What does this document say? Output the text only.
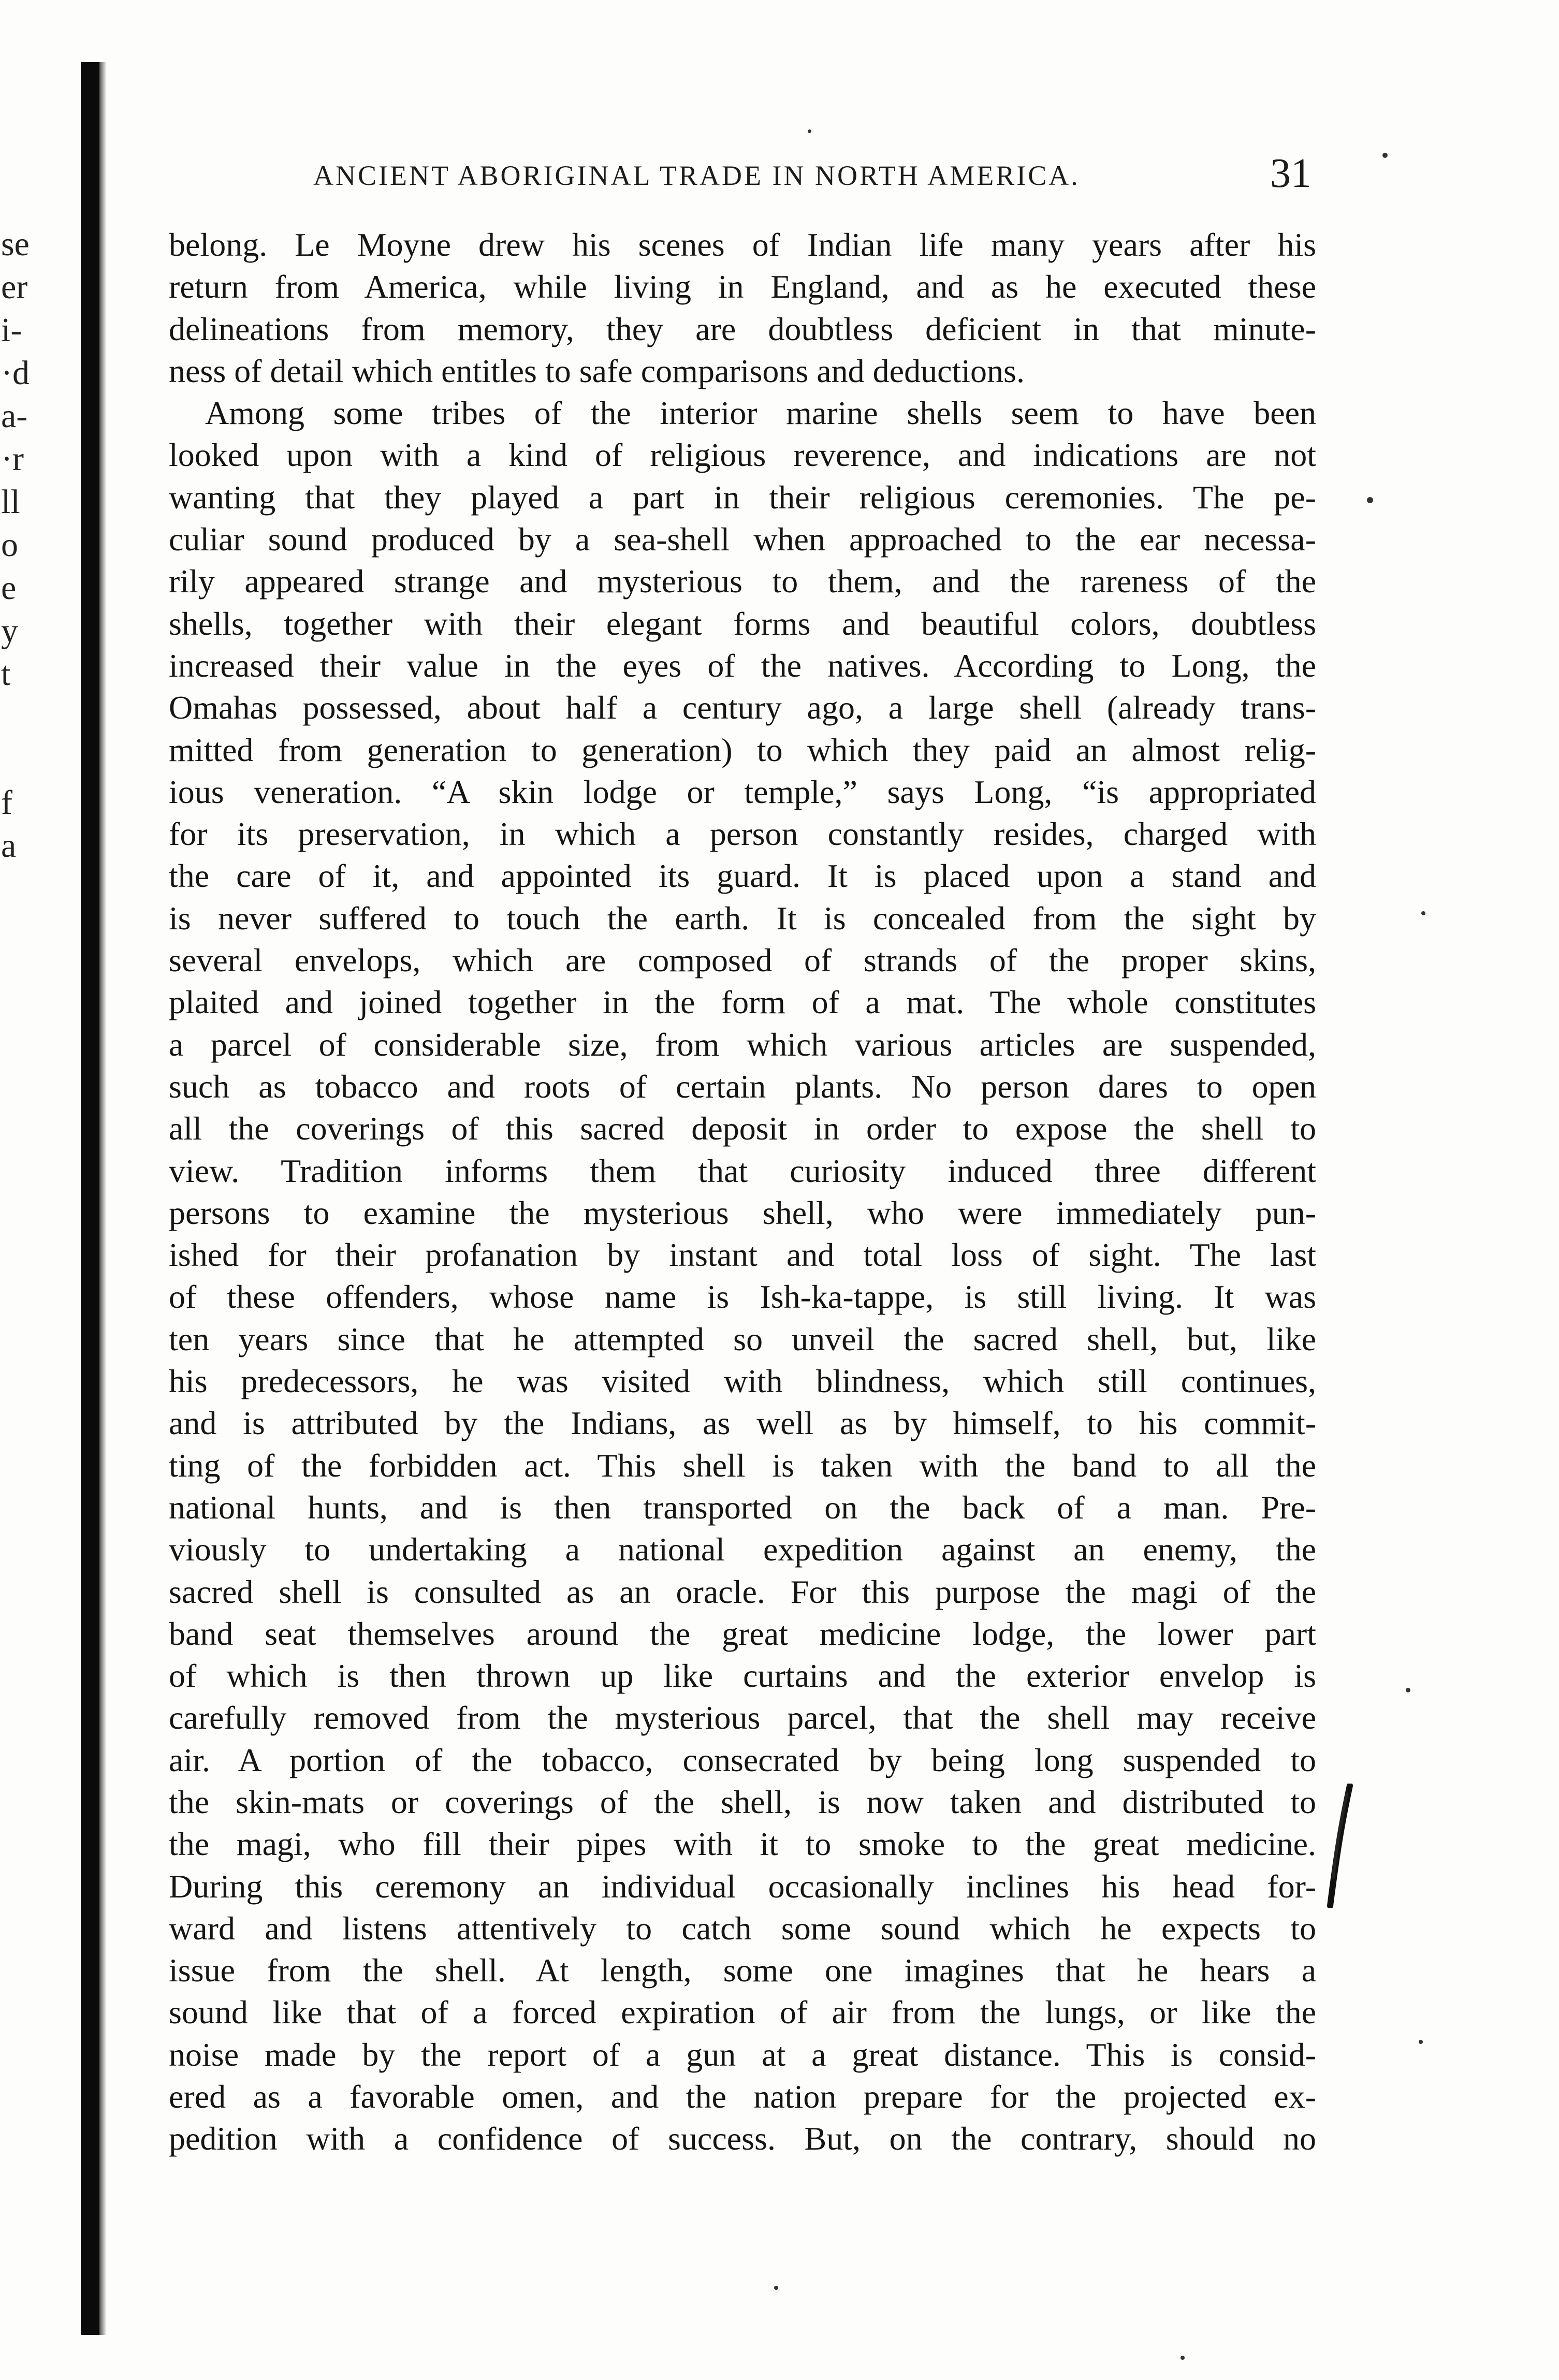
se
er
i-
·d
a-
·r
ll
o
e
y
t
f
a
ANCIENT ABORIGINAL TRADE IN NORTH AMERICA.	31
belong. Le Moyne drew his scenes of Indian life many years after his
return from America, while living in England, and as he executed these
delineations from memory, they are doubtless deficient in that minute-
ness of detail which entitles to safe comparisons and deductions.
Among some tribes of the interior marine shells seem to have been
looked upon with a kind of religious reverence, and indications are not
wanting that they played a part in their religious ceremonies. The pe-
culiar sound produced by a sea-shell when approached to the ear necessa-
rily appeared strange and mysterious to them, and the rareness of the
shells, together with their elegant forms and beautiful colors, doubtless
increased their value in the eyes of the natives. According to Long, the
Omahas possessed, about half a century ago, a large shell (already trans-
mitted from generation to generation) to which they paid an almost relig-
ious veneration. “A skin lodge or temple,” says Long, “is appropriated
for its preservation, in which a person constantly resides, charged with
the care of it, and appointed its guard. It is placed upon a stand and
is never suffered to touch the earth. It is concealed from the sight by
several envelops, which are composed of strands of the proper skins,
plaited and joined together in the form of a mat. The whole constitutes
a parcel of considerable size, from which various articles are suspended,
such as tobacco and roots of certain plants. No person dares to open
all the coverings of this sacred deposit in order to expose the shell to
view. Tradition informs them that curiosity induced three different
persons to examine the mysterious shell, who were immediately pun-
ished for their profanation by instant and total loss of sight. The last
of these offenders, whose name is Ish-ka-tappe, is still living. It was
ten years since that he attempted so unveil the sacred shell, but, like
his predecessors, he was visited with blindness, which still continues,
and is attributed by the Indians, as well as by himself, to his commit-
ting of the forbidden act. This shell is taken with the band to all the
national hunts, and is then transported on the back of a man. Pre-
viously to undertaking a national expedition against an enemy, the
sacred shell is consulted as an oracle. For this purpose the magi of the
band seat themselves around the great medicine lodge, the lower part
of which is then thrown up like curtains and the exterior envelop is
carefully removed from the mysterious parcel, that the shell may receive
air. A portion of the tobacco, consecrated by being long suspended to
the skin-mats or coverings of the shell, is now taken and distributed to
the magi, who fill their pipes with it to smoke to the great medicine.
During this ceremony an individual occasionally inclines his head for-
ward and listens attentively to catch some sound which he expects to
issue from the shell. At length, some one imagines that he hears a
sound like that of a forced expiration of air from the lungs, or like the
noise made by the report of a gun at a great distance. This is consid-
ered as a favorable omen, and the nation prepare for the projected ex-
pedition with a confidence of success. But, on the contrary, should no
